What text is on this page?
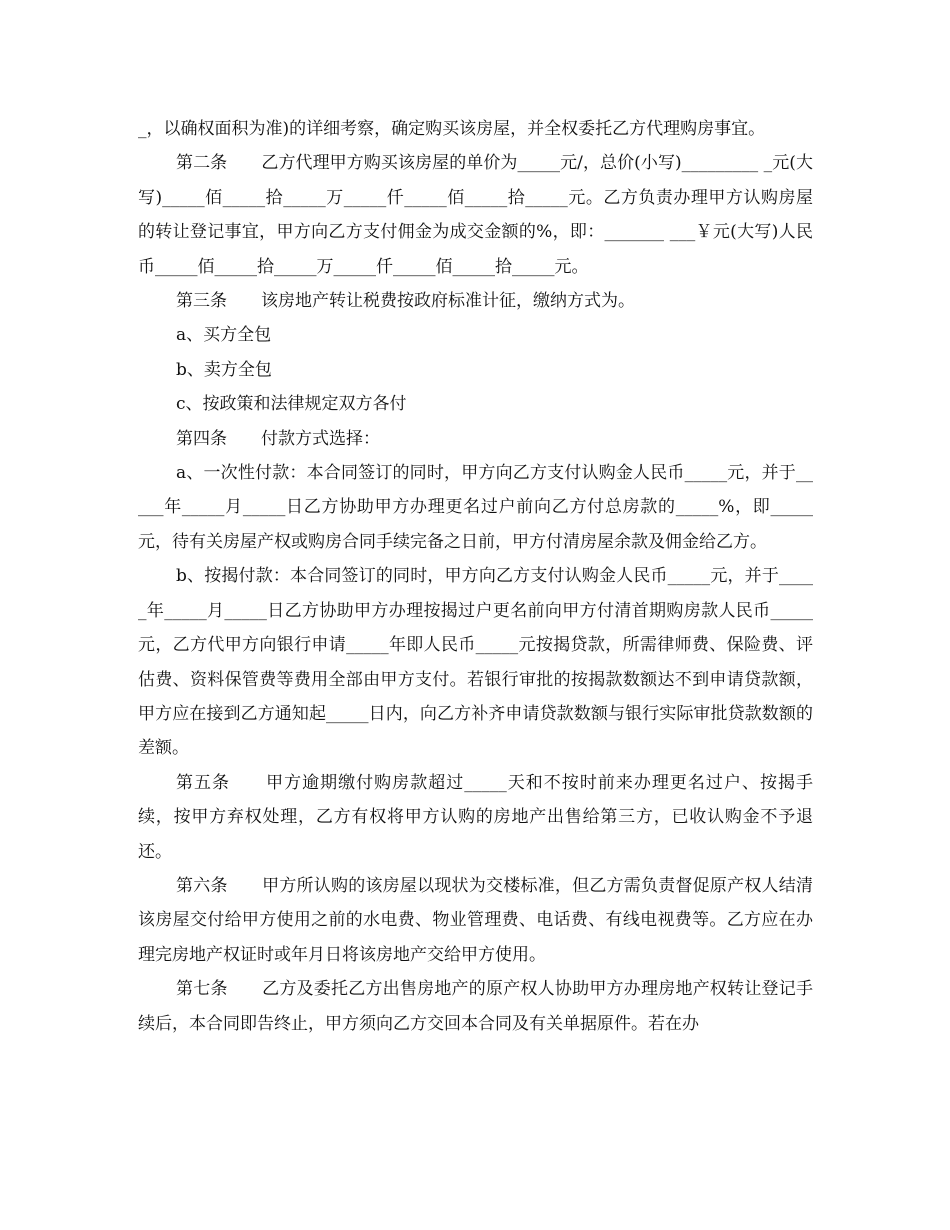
_，以确权面积为准)的详细考察，确定购买该房屋，并全权委托乙方代理购房事宜。

第二条　　乙方代理甲方购买该房屋的单价为_____元/，总价(小写)_________ _元(大写)_____佰_____拾_____万_____仟_____佰_____拾_____元。乙方负责办理甲方认购房屋的转让登记事宜，甲方向乙方支付佣金为成交金额的%，即：_______ ___￥元(大写)人民币_____佰_____拾_____万_____仟_____佰_____拾_____元。

第三条　　该房地产转让税费按政府标准计征，缴纳方式为。

a、买方全包

b、卖方全包

c、按政策和法律规定双方各付

第四条　　付款方式选择：

a、一次性付款：本合同签订的同时，甲方向乙方支付认购金人民币_____元，并于_____年_____月_____日乙方协助甲方办理更名过户前向乙方付总房款的_____%，即_____元，待有关房屋产权或购房合同手续完备之日前，甲方付清房屋余款及佣金给乙方。

b、按揭付款：本合同签订的同时，甲方向乙方支付认购金人民币_____元，并于_____年_____月_____日乙方协助甲方办理按揭过户更名前向甲方付清首期购房款人民币_____元，乙方代甲方向银行申请_____年即人民币_____元按揭贷款，所需律师费、保险费、评估费、资料保管费等费用全部由甲方支付。若银行审批的按揭款数额达不到申请贷款额，甲方应在接到乙方通知起_____日内，向乙方补齐申请贷款数额与银行实际审批贷款数额的差额。

第五条　　甲方逾期缴付购房款超过_____天和不按时前来办理更名过户、按揭手续，按甲方弃权处理，乙方有权将甲方认购的房地产出售给第三方，已收认购金不予退还。

第六条　　甲方所认购的该房屋以现状为交楼标准，但乙方需负责督促原产权人结清该房屋交付给甲方使用之前的水电费、物业管理费、电话费、有线电视费等。乙方应在办理完房地产权证时或年月日将该房地产交给甲方使用。

第七条　　乙方及委托乙方出售房地产的原产权人协助甲方办理房地产权转让登记手续后，本合同即告终止，甲方须向乙方交回本合同及有关单据原件。若在办
